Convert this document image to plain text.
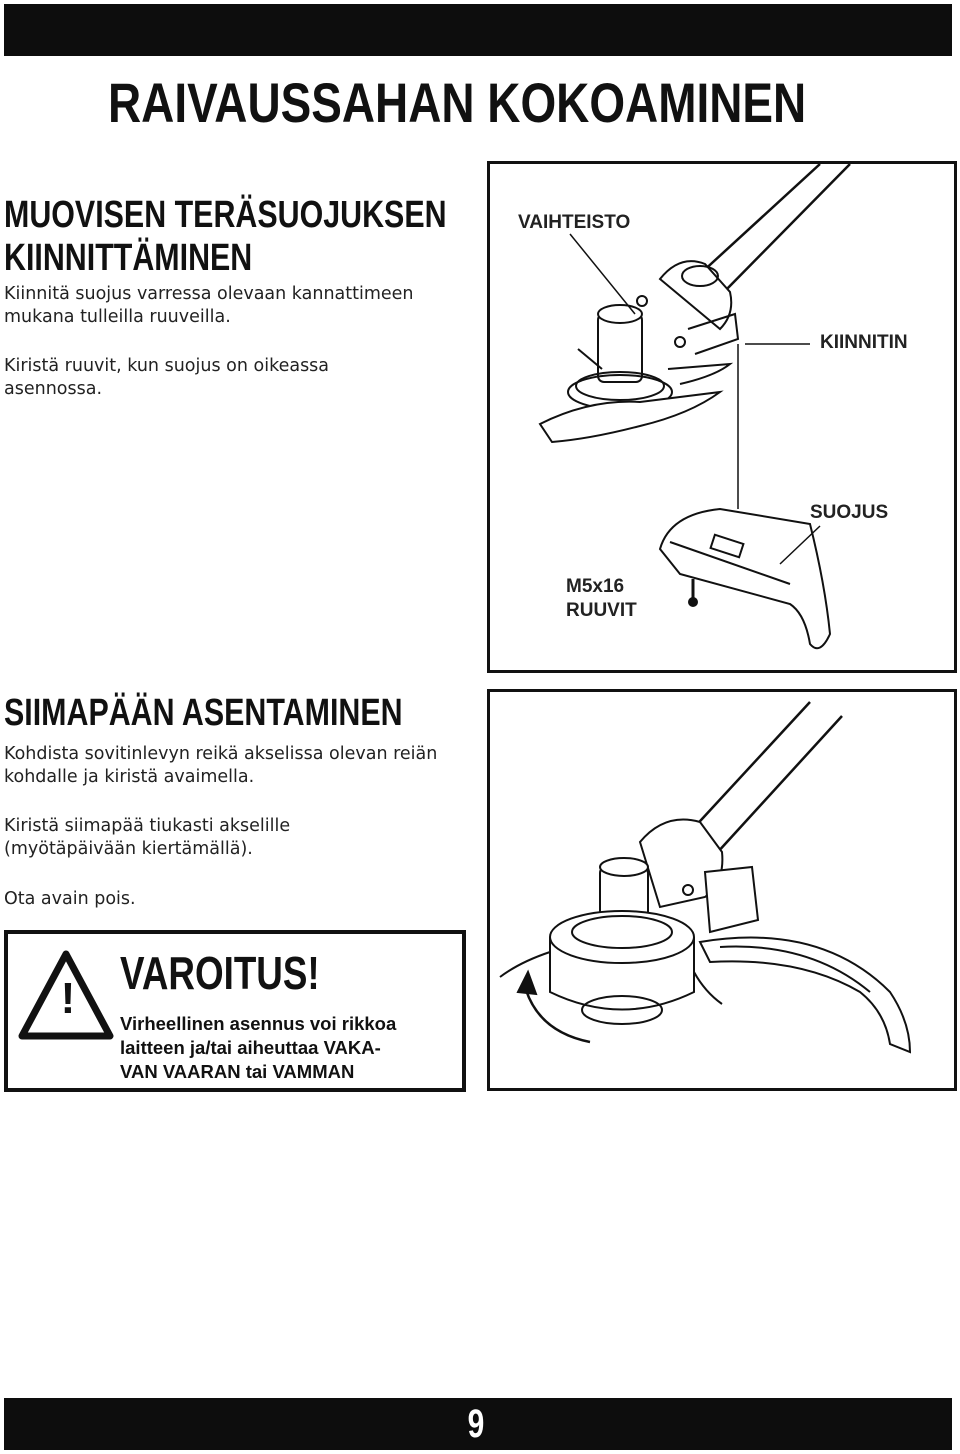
RAIVAUSSAHAN KOKOAMINEN
MUOVISEN TERÄSUOJUKSEN
KIINNITTÄMINEN
Kiinnitä suojus varressa olevaan kannattimeen
mukana tulleilla ruuveilla.
Kiristä ruuvit, kun suojus on oikeassa
asennossa.
VAIHTEISTO
KIINNITIN
SUOJUS
M5x16
RUUVIT
SIIMAPÄÄN ASENTAMINEN
Kohdista sovitinlevyn reikä akselissa olevan reiän
kohdalle ja kiristä avaimella.
Kiristä siimapää tiukasti akselille
(myötäpäivään kiertämällä).
Ota avain pois.
! VAROITUS!
Virheellinen asennus voi rikkoa
laitteen ja/tai aiheuttaa VAKA-
VAN VAARAN tai VAMMAN
9
